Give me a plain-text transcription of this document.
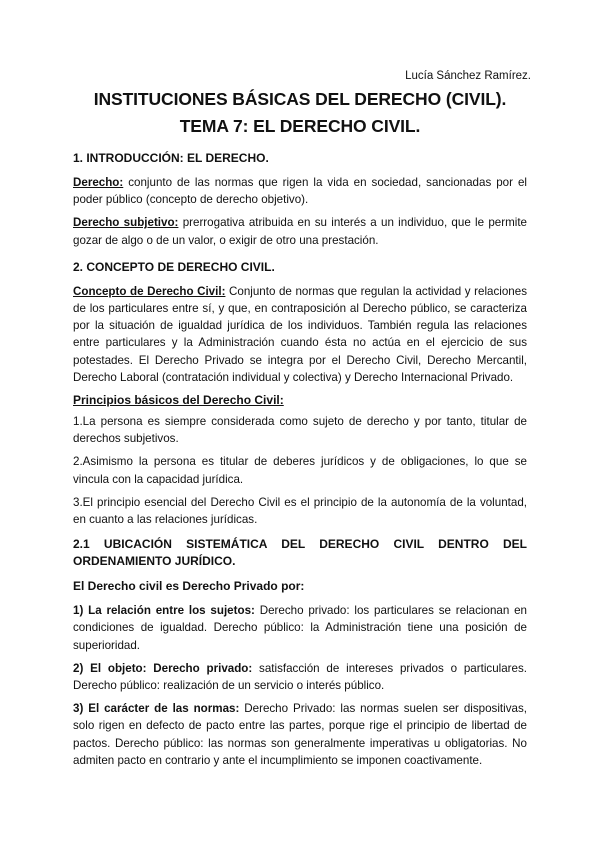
Lucía Sánchez Ramírez.
INSTITUCIONES BÁSICAS DEL DERECHO (CIVIL).
TEMA 7: EL DERECHO CIVIL.
1. INTRODUCCIÓN: EL DERECHO.

Derecho: conjunto de las normas que rigen la vida en sociedad, sancionadas por el poder público (concepto de derecho objetivo).

Derecho subjetivo: prerrogativa atribuida en su interés a un individuo, que le permite gozar de algo o de un valor, o exigir de otro una prestación.

2. CONCEPTO DE DERECHO CIVIL.

Concepto de Derecho Civil: Conjunto de normas que regulan la actividad y relaciones de los particulares entre sí, y que, en contraposición al Derecho público, se caracteriza por la situación de igualdad jurídica de los individuos. También regula las relaciones entre particulares y la Administración cuando ésta no actúa en el ejercicio de sus potestades. El Derecho Privado se integra por el Derecho Civil, Derecho Mercantil, Derecho Laboral (contratación individual y colectiva) y Derecho Internacional Privado.

Principios básicos del Derecho Civil:

1.La persona es siempre considerada como sujeto de derecho y por tanto, titular de derechos subjetivos.

2.Asimismo la persona es titular de deberes jurídicos y de obligaciones, lo que se vincula con la capacidad jurídica.

3.El principio esencial del Derecho Civil es el principio de la autonomía de la voluntad, en cuanto a las relaciones jurídicas.

2.1 UBICACIÓN SISTEMÁTICA DEL DERECHO CIVIL DENTRO DEL ORDENAMIENTO JURÍDICO.
El Derecho civil es Derecho Privado por:

1) La relación entre los sujetos: Derecho privado: los particulares se relacionan en condiciones de igualdad. Derecho público: la Administración tiene una posición de superioridad.

2) El objeto: Derecho privado: satisfacción de intereses privados o particulares. Derecho público: realización de un servicio o interés público.

3) El carácter de las normas: Derecho Privado: las normas suelen ser dispositivas, solo rigen en defecto de pacto entre las partes, porque rige el principio de libertad de pactos. Derecho público: las normas son generalmente imperativas u obligatorias. No admiten pacto en contrario y ante el incumplimiento se imponen coactivamente.
